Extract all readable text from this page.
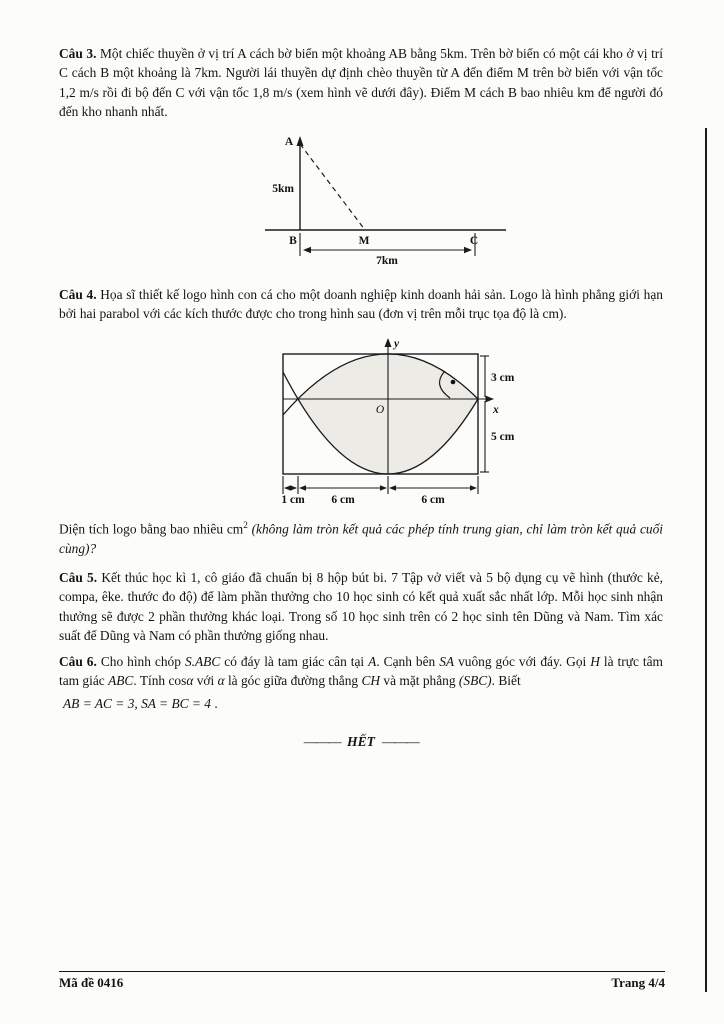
Câu 3. Một chiếc thuyền ở vị trí A cách bờ biển một khoảng AB bằng 5km. Trên bờ biển có một cái kho ở vị trí C cách B một khoảng là 7km. Người lái thuyền dự định chèo thuyền từ A đến điểm M trên bờ biển với vận tốc 1,2 m/s rồi đi bộ đến C với vận tốc 1,8 m/s (xem hình vẽ dưới đây). Điểm M cách B bao nhiêu km để người đó đến kho nhanh nhất.

A
5km
B	M	C
7km

Câu 4. Họa sĩ thiết kế logo hình con cá cho một doanh nghiệp kinh doanh hải sản. Logo là hình phẳng giới hạn bởi hai parabol với các kích thước được cho trong hình sau (đơn vị trên mỗi trục tọa độ là cm).

y
x
O
3 cm
5 cm
1 cm 6 cm	6 cm

Diện tích logo bằng bao nhiêu $cm^2$ (không làm tròn kết quả các phép tính trung gian, chỉ làm tròn kết quả cuối cùng)?

Câu 5. Kết thúc học kì 1, cô giáo đã chuẩn bị 8 hộp bút bi. 7 Tập vở viết và 5 bộ dụng cụ vẽ hình (thước kẻ, compa, êke. thước đo độ) để làm phần thưởng cho 10 học sinh có kết quả xuất sắc nhất lớp. Mỗi học sinh nhận thưởng sẽ được 2 phần thưởng khác loại. Trong số 10 học sinh trên có 2 học sinh tên Dũng và Nam. Tìm xác suất để Dũng và Nam có phần thưởng giống nhau.

Câu 6. Cho hình chóp S.ABC có đáy là tam giác cân tại A. Cạnh bên SA vuông góc với đáy. Gọi H là trực tâm tam giác ABC. Tính cosα với α là góc giữa đường thẳng CH và mặt phẳng (SBC). Biết

AB = AC = 3, SA = BC = 4 .

——— HẾT ———
Mã đề 0416	Trang 4/4
